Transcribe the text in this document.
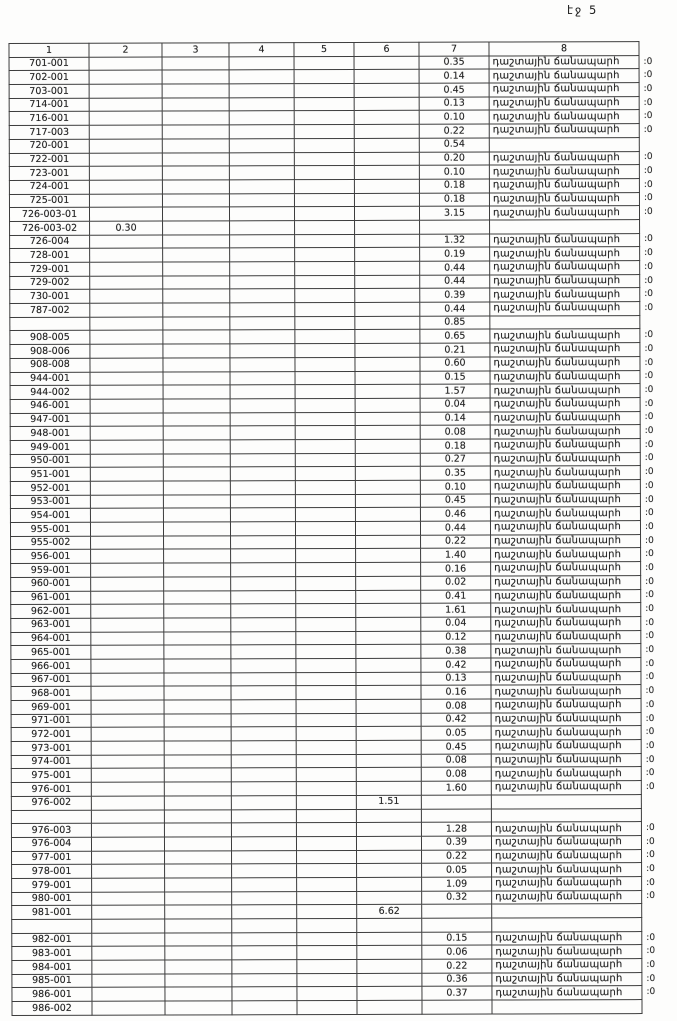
էջ 5
1	2	3	4	5	6	7	8	
701-001						0.35	դաշտային ճանապարհ	:0
702-001						0.14	դաշտային ճանապարհ	:0
703-001						0.45	դաշտային ճանապարհ	:0
714-001						0.13	դաշտային ճանապարհ	:0
716-001						0.10	դաշտային ճանապարհ	:0
717-003						0.22	դաշտային ճանապարհ	:0
720-001						0.54		
722-001						0.20	դաշտային ճանապարհ	:0
723-001						0.10	դաշտային ճանապարհ	:0
724-001						0.18	դաշտային ճանապարհ	:0
725-001						0.18	դաշտային ճանապարհ	:0
726-003-01						3.15	դաշտային ճանապարհ	:0
726-003-02	0.30							
726-004						1.32	դաշտային ճանապարհ	:0
728-001						0.19	դաշտային ճանապարհ	:0
729-001						0.44	դաշտային ճանապարհ	:0
729-002						0.44	դաշտային ճանապարհ	:0
730-001						0.39	դաշտային ճանապարհ	:0
787-002						0.44	դաշտային ճանապարհ	:0
						0.85		
908-005						0.65	դաշտային ճանապարհ	:0
908-006						0.21	դաշտային ճանապարհ	:0
908-008						0.60	դաշտային ճանապարհ	:0
944-001						0.15	դաշտային ճանապարհ	:0
944-002						1.57	դաշտային ճանապարհ	:0
946-001						0.04	դաշտային ճանապարհ	:0
947-001						0.14	դաշտային ճանապարհ	:0
948-001						0.08	դաշտային ճանապարհ	:0
949-001						0.18	դաշտային ճանապարհ	:0
950-001						0.27	դաշտային ճանապարհ	:0
951-001						0.35	դաշտային ճանապարհ	:0
952-001						0.10	դաշտային ճանապարհ	:0
953-001						0.45	դաշտային ճանապարհ	:0
954-001						0.46	դաշտային ճանապարհ	:0
955-001						0.44	դաշտային ճանապարհ	:0
955-002						0.22	դաշտային ճանապարհ	:0
956-001						1.40	դաշտային ճանապարհ	:0
959-001						0.16	դաշտային ճանապարհ	:0
960-001						0.02	դաշտային ճանապարհ	:0
961-001						0.41	դաշտային ճանապարհ	:0
962-001						1.61	դաշտային ճանապարհ	:0
963-001						0.04	դաշտային ճանապարհ	:0
964-001						0.12	դաշտային ճանապարհ	:0
965-001						0.38	դաշտային ճանապարհ	:0
966-001						0.42	դաշտային ճանապարհ	:0
967-001						0.13	դաշտային ճանապարհ	:0
968-001						0.16	դաշտային ճանապարհ	:0
969-001						0.08	դաշտային ճանապարհ	:0
971-001						0.42	դաշտային ճանապարհ	:0
972-001						0.05	դաշտային ճանապարհ	:0
973-001						0.45	դաշտային ճանապարհ	:0
974-001						0.08	դաշտային ճանապարհ	:0
975-001						0.08	դաշտային ճանապարհ	:0
976-001						1.60	դաշտային ճանապարհ	:0
976-002					1.51			

976-003						1.28	դաշտային ճանապարհ	:0
976-004						0.39	դաշտային ճանապարհ	:0
977-001						0.22	դաշտային ճանապարհ	:0
978-001						0.05	դաշտային ճանապարհ	:0
979-001						1.09	դաշտային ճանապարհ	:0
980-001						0.32	դաշտային ճանապարհ	:0
981-001					6.62			

982-001						0.15	դաշտային ճանապարհ	:0
983-001						0.06	դաշտային ճանապարհ	:0
984-001						0.22	դաշտային ճանապարհ	:0
985-001						0.36	դաշտային ճանապարհ	:0
986-001						0.37	դաշտային ճանապարհ	:0
986-002								
